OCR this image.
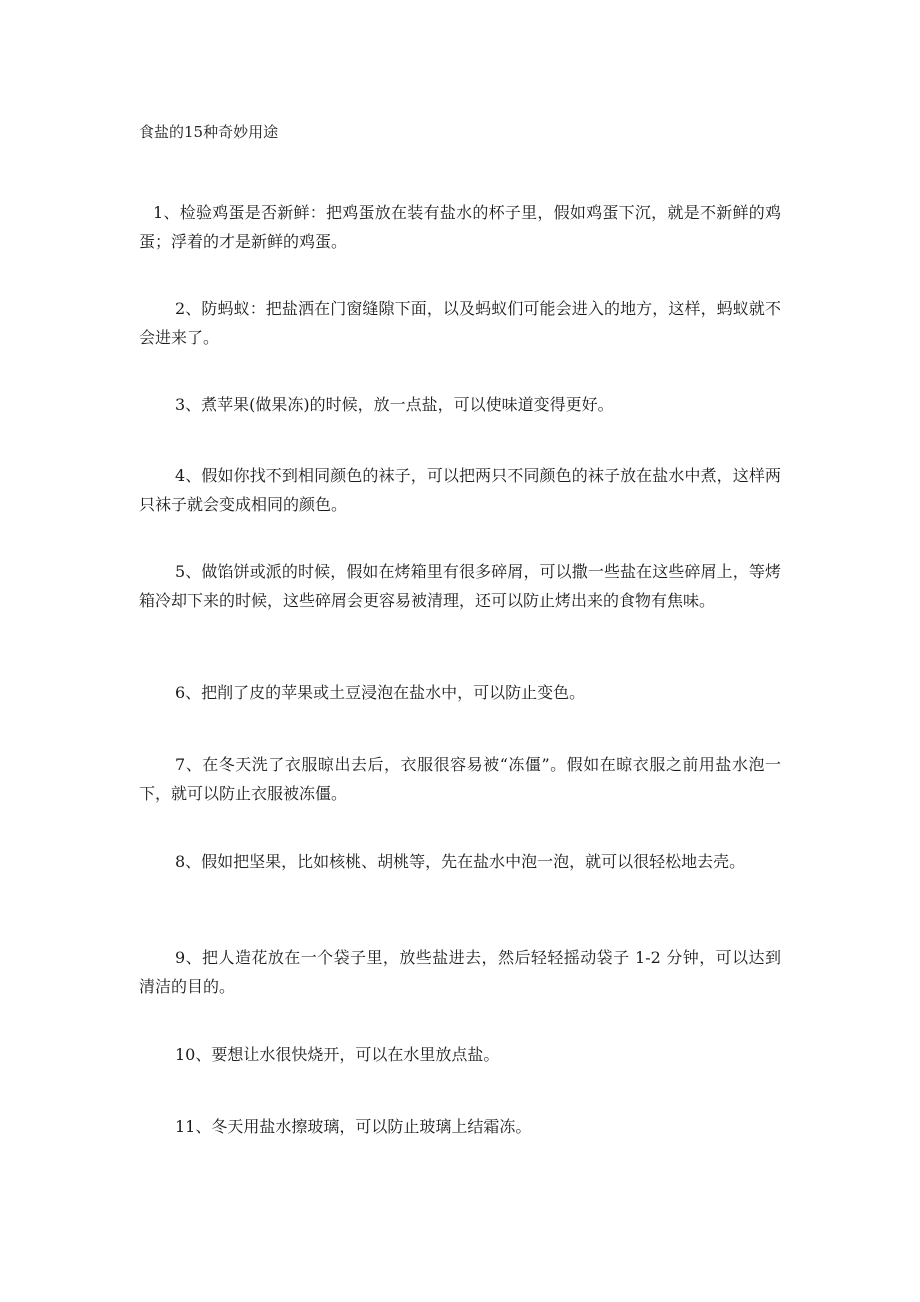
食盐的15种奇妙用途

1、检验鸡蛋是否新鲜：把鸡蛋放在装有盐水的杯子里，假如鸡蛋下沉，就是不新鲜的鸡蛋；浮着的才是新鲜的鸡蛋。

2、防蚂蚁：把盐洒在门窗缝隙下面，以及蚂蚁们可能会进入的地方，这样，蚂蚁就不会进来了。

3、煮苹果(做果冻)的时候，放一点盐，可以使味道变得更好。

4、假如你找不到相同颜色的袜子，可以把两只不同颜色的袜子放在盐水中煮，这样两只袜子就会变成相同的颜色。

5、做馅饼或派的时候，假如在烤箱里有很多碎屑，可以撒一些盐在这些碎屑上，等烤箱冷却下来的时候，这些碎屑会更容易被清理，还可以防止烤出来的食物有焦味。

6、把削了皮的苹果或土豆浸泡在盐水中，可以防止变色。

7、在冬天洗了衣服晾出去后，衣服很容易被“冻僵”。假如在晾衣服之前用盐水泡一下，就可以防止衣服被冻僵。

8、假如把坚果，比如核桃、胡桃等，先在盐水中泡一泡，就可以很轻松地去壳。

9、把人造花放在一个袋子里，放些盐进去，然后轻轻摇动袋子 1-2 分钟，可以达到清洁的目的。

10、要想让水很快烧开，可以在水里放点盐。

11、冬天用盐水擦玻璃，可以防止玻璃上结霜冻。
